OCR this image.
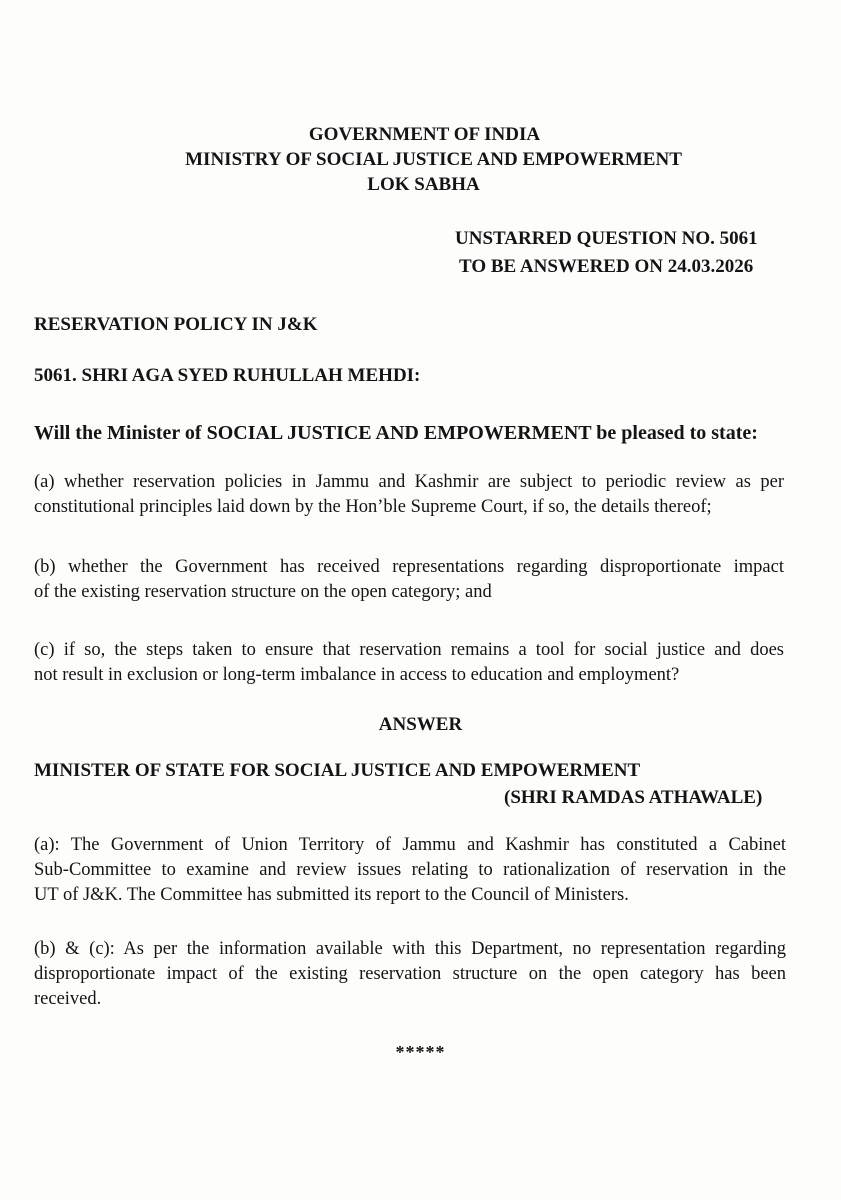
GOVERNMENT OF INDIA
MINISTRY OF SOCIAL JUSTICE AND EMPOWERMENT
LOK SABHA
UNSTARRED QUESTION NO. 5061
TO BE ANSWERED ON 24.03.2026
RESERVATION POLICY IN J&K
5061. SHRI AGA SYED RUHULLAH MEHDI:
Will the Minister of SOCIAL JUSTICE AND EMPOWERMENT be pleased to state:
(a) whether reservation policies in Jammu and Kashmir are subject to periodic review as per
constitutional principles laid down by the Hon’ble Supreme Court, if so, the details thereof;
(b) whether the Government has received representations regarding disproportionate impact
of the existing reservation structure on the open category; and
(c) if so, the steps taken to ensure that reservation remains a tool for social justice and does
not result in exclusion or long-term imbalance in access to education and employment?
ANSWER
MINISTER OF STATE FOR SOCIAL JUSTICE AND EMPOWERMENT
(SHRI RAMDAS ATHAWALE)
(a): The Government of Union Territory of Jammu and Kashmir has constituted a Cabinet
Sub-Committee to examine and review issues relating to rationalization of reservation in the
UT of J&K. The Committee has submitted its report to the Council of Ministers.
(b) & (c): As per the information available with this Department, no representation regarding
disproportionate impact of the existing reservation structure on the open category has been
received.
*****
